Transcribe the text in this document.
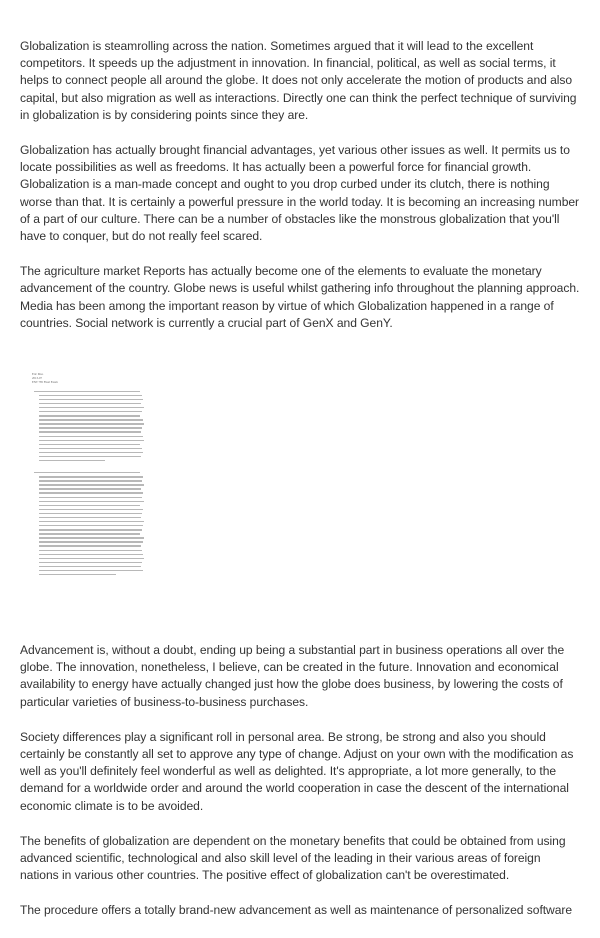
Globalization is steamrolling across the nation. Sometimes argued that it will lead to the excellent competitors. It speeds up the adjustment in innovation. In financial, political, as well as social terms, it helps to connect people all around the globe. It does not only accelerate the motion of products and also capital, but also migration as well as interactions. Directly one can think the perfect technique of surviving in globalization is by considering points since they are.

Globalization has actually brought financial advantages, yet various other issues as well. It permits us to locate possibilities as well as freedoms. It has actually been a powerful force for financial growth. Globalization is a man-made concept and ought to you drop curbed under its clutch, there is nothing worse than that. It is certainly a powerful pressure in the world today. It is becoming an increasing number of a part of our culture. There can be a number of obstacles like the monstrous globalization that you'll have to conquer, but do not really feel scared.

The agriculture market Reports has actually become one of the elements to evaluate the monetary advancement of the country. Globe news is useful whilst gathering info throughout the planning approach. Media has been among the important reason by virtue of which Globalization happened in a range of countries. Social network is currently a crucial part of GenX and GenY.

Eric Mao
2013-07
ENT 785 Final Exam

Advancement is, without a doubt, ending up being a substantial part in business operations all over the globe. The innovation, nonetheless, I believe, can be created in the future. Innovation and economical availability to energy have actually changed just how the globe does business, by lowering the costs of particular varieties of business-to-business purchases.

Society differences play a significant roll in personal area. Be strong, be strong and also you should certainly be constantly all set to approve any type of change. Adjust on your own with the modification as well as you'll definitely feel wonderful as well as delighted. It's appropriate, a lot more generally, to the demand for a worldwide order and around the world cooperation in case the descent of the international economic climate is to be avoided.

The benefits of globalization are dependent on the monetary benefits that could be obtained from using advanced scientific, technological and also skill level of the leading in their various areas of foreign nations in various other countries. The positive effect of globalization can't be overestimated.

The procedure offers a totally brand-new advancement as well as maintenance of personalized software
